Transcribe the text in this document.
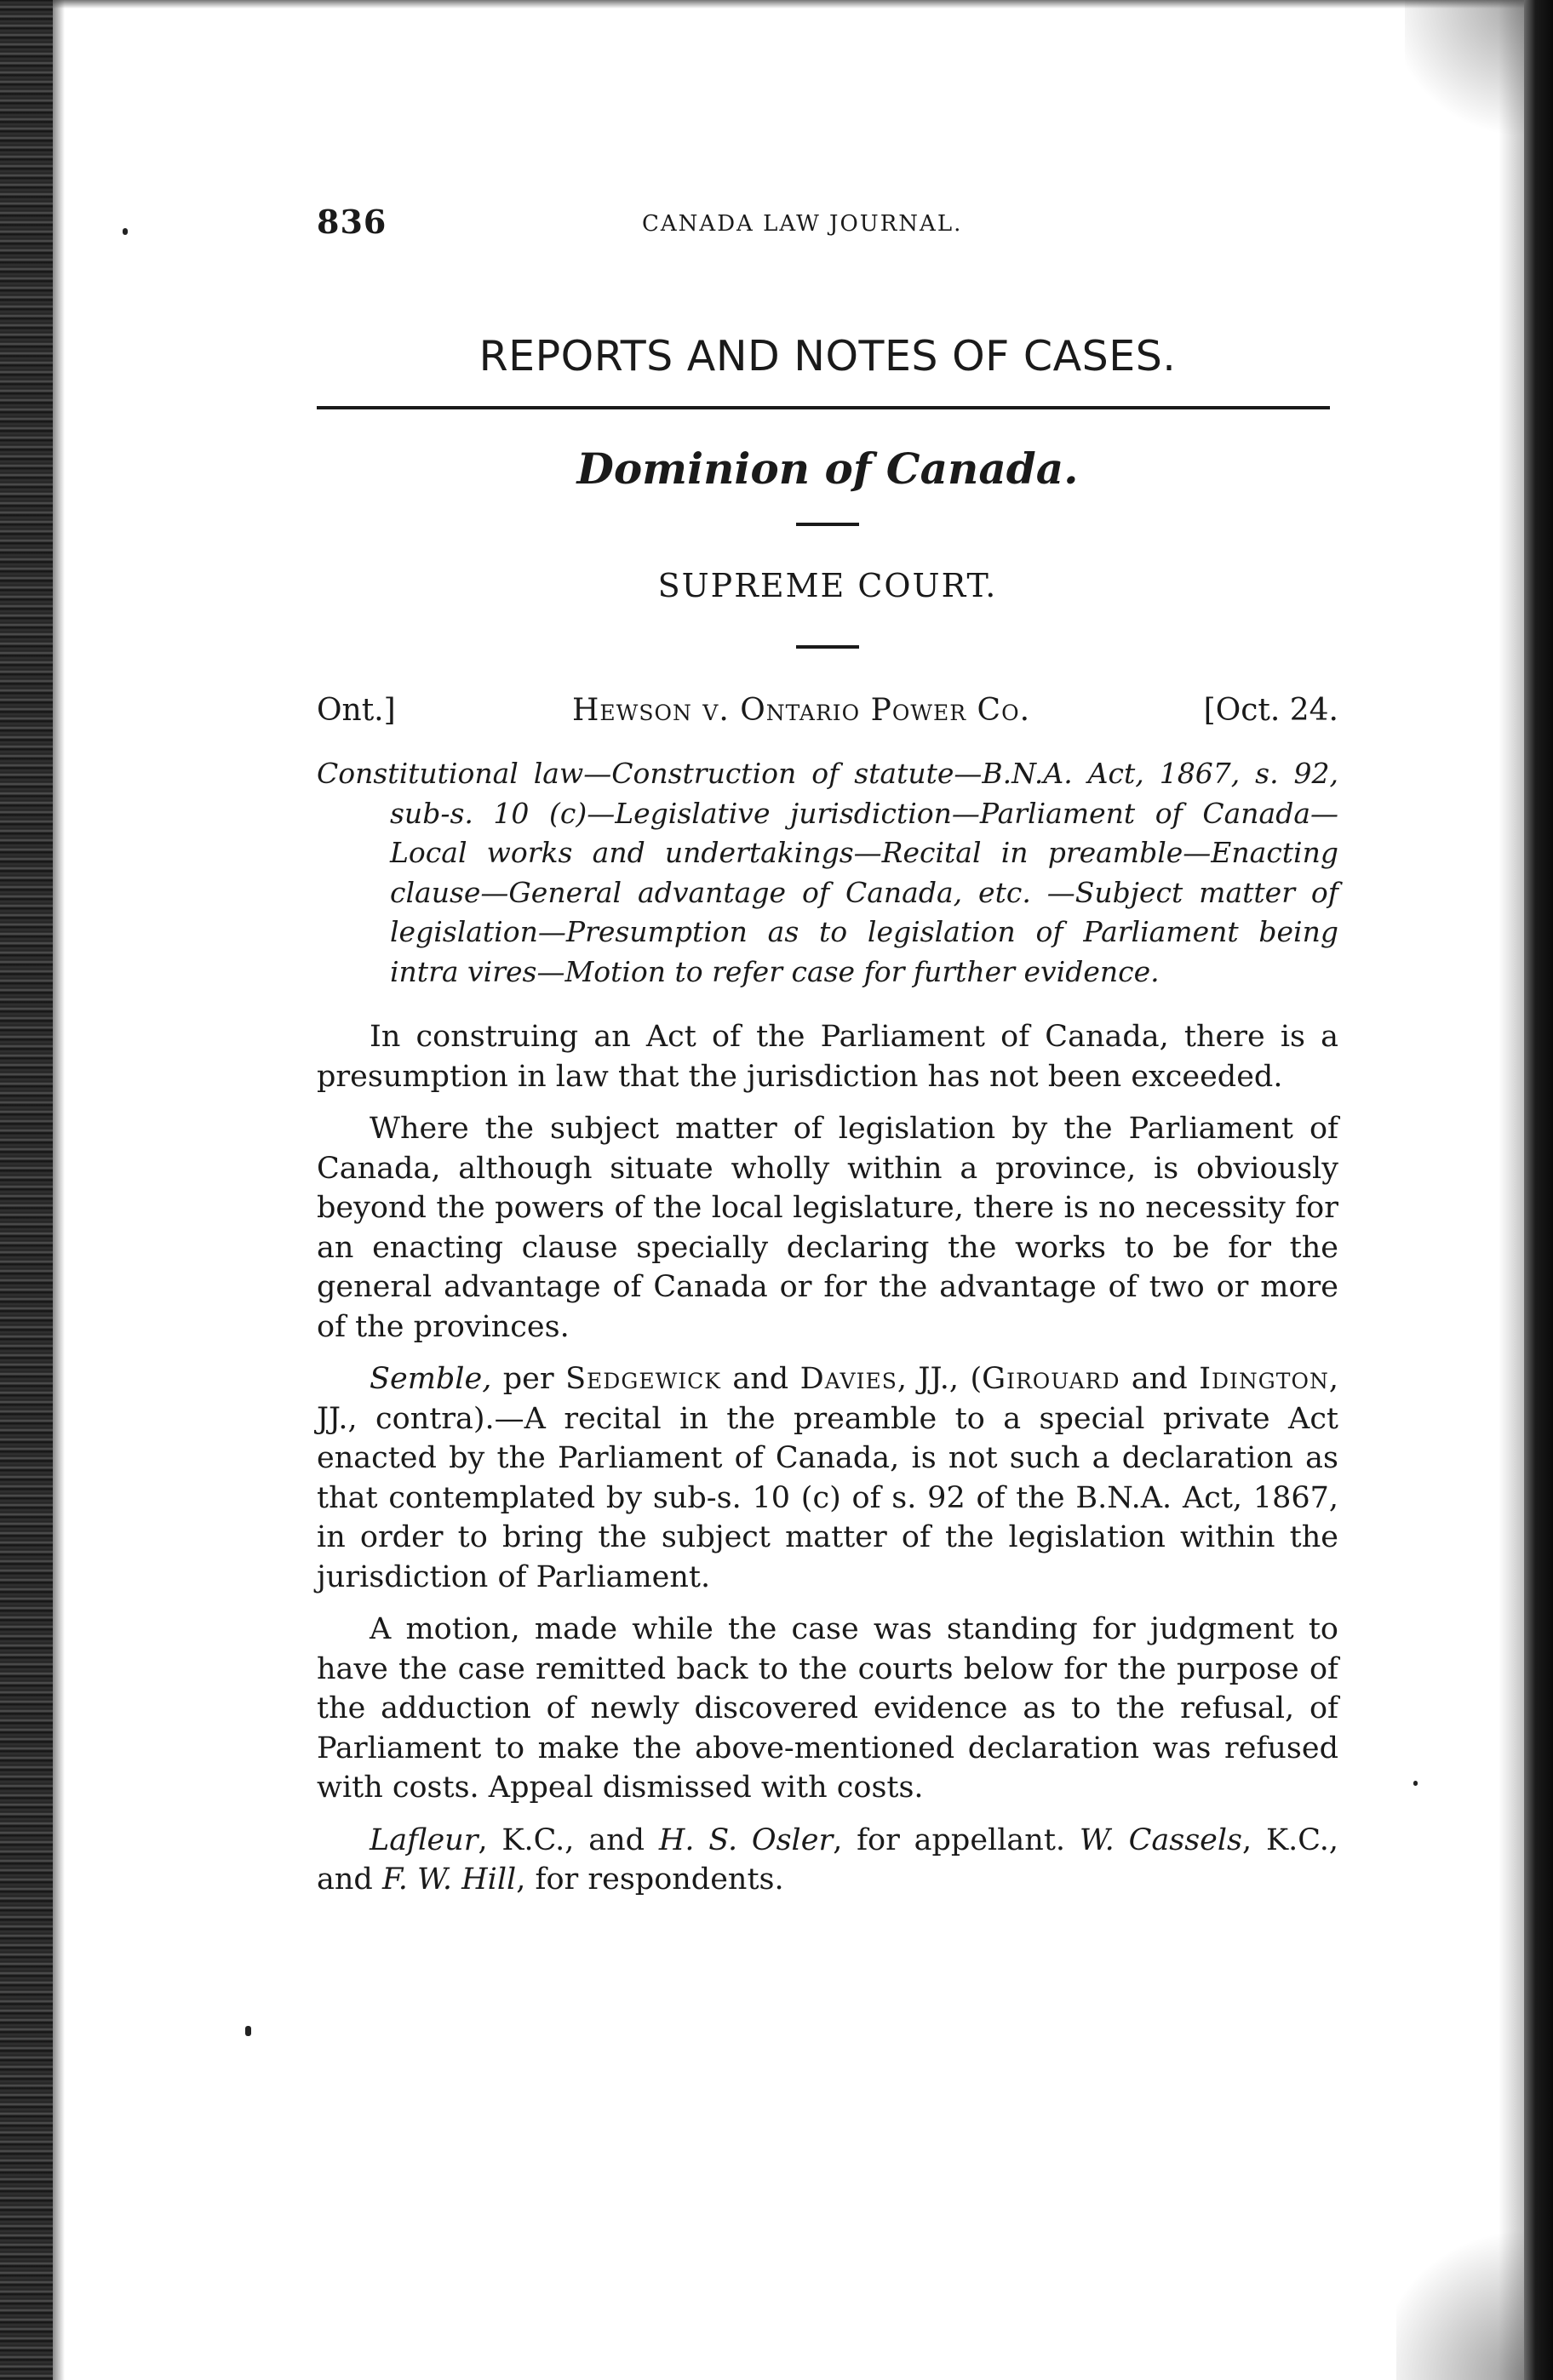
836	CANADA LAW JOURNAL.
REPORTS AND NOTES OF CASES.
Dominion of Canada.
SUPREME COURT.
Ont.]	Hewson v. Ontario Power Co.	[Oct. 24.
Constitutional law—Construction of statute—B.N.A. Act, 1867, s. 92, sub-s. 10 (c)—Legislative jurisdiction—Parliament of Canada—Local works and undertakings—Recital in preamble—Enacting clause—General advantage of Canada, etc. —Subject matter of legislation—Presumption as to legislation of Parliament being intra vires—Motion to refer case for further evidence.

In construing an Act of the Parliament of Canada, there is a presumption in law that the jurisdiction has not been exceeded.

Where the subject matter of legislation by the Parliament of Canada, although situate wholly within a province, is obviously beyond the powers of the local legislature, there is no necessity for an enacting clause specially declaring the works to be for the general advantage of Canada or for the advantage of two or more of the provinces.

Semble, per Sedgewick and Davies, JJ., (Girouard and Idington, JJ., contra).—A recital in the preamble to a special private Act enacted by the Parliament of Canada, is not such a declaration as that contemplated by sub-s. 10 (c) of s. 92 of the B.N.A. Act, 1867, in order to bring the subject matter of the legislation within the jurisdiction of Parliament.

A motion, made while the case was standing for judgment to have the case remitted back to the courts below for the purpose of the adduction of newly discovered evidence as to the refusal, of Parliament to make the above-mentioned declaration was refused with costs. Appeal dismissed with costs.

Lafleur, K.C., and H. S. Osler, for appellant. W. Cassels, K.C., and F. W. Hill, for respondents.
